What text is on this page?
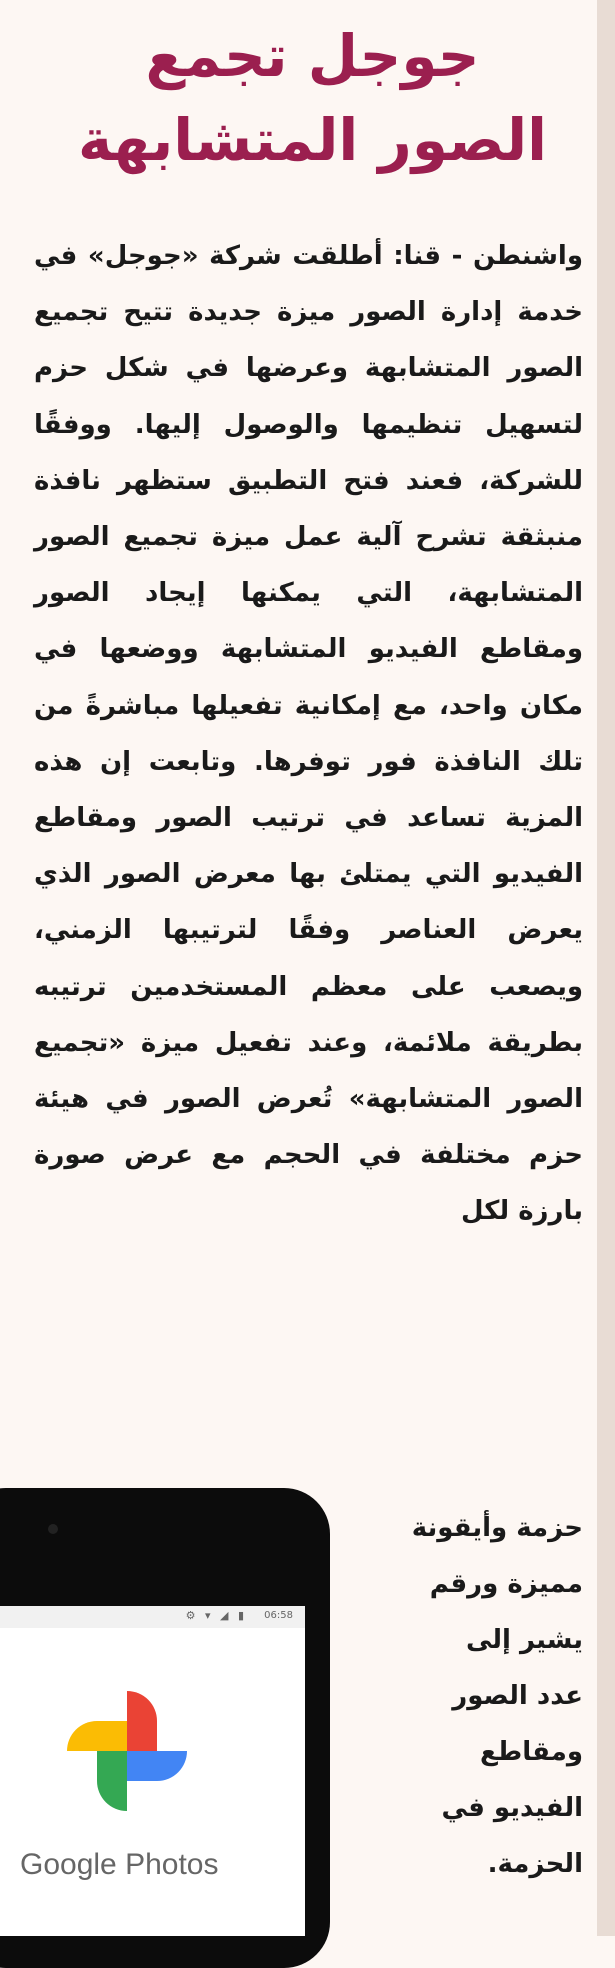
جوجل تجمع
الصور المتشابهة
واشنطن - قنا: أطلقت شركة «جوجل» في خدمة إدارة الصور ميزة جديدة تتيح تجميع الصور المتشابهة وعرضها في شكل حزم لتسهيل تنظيمها والوصول إليها. ووفقًا للشركة، فعند فتح التطبيق ستظهر نافذة منبثقة تشرح آلية عمل ميزة تجميع الصور المتشابهة، التي يمكنها إيجاد الصور ومقاطع الفيديو المتشابهة ووضعها في مكان واحد، مع إمكانية تفعيلها مباشرةً من تلك النافذة فور توفرها. وتابعت إن هذه المزية تساعد في ترتيب الصور ومقاطع الفيديو التي يمتلئ بها معرض الصور الذي يعرض العناصر وفقًا لترتيبها الزمني، ويصعب على معظم المستخدمين ترتيبه بطريقة ملائمة، وعند تفعيل ميزة «تجميع الصور المتشابهة» تُعرض الصور في هيئة حزم مختلفة في الحجم مع عرض صورة بارزة لكل
حزمة وأيقونة
مميزة ورقم
يشير إلى
عدد الصور
ومقاطع
الفيديو في
الحزمة.
⚙ ▾ ◢ ▮ 06:58
Google Photos
